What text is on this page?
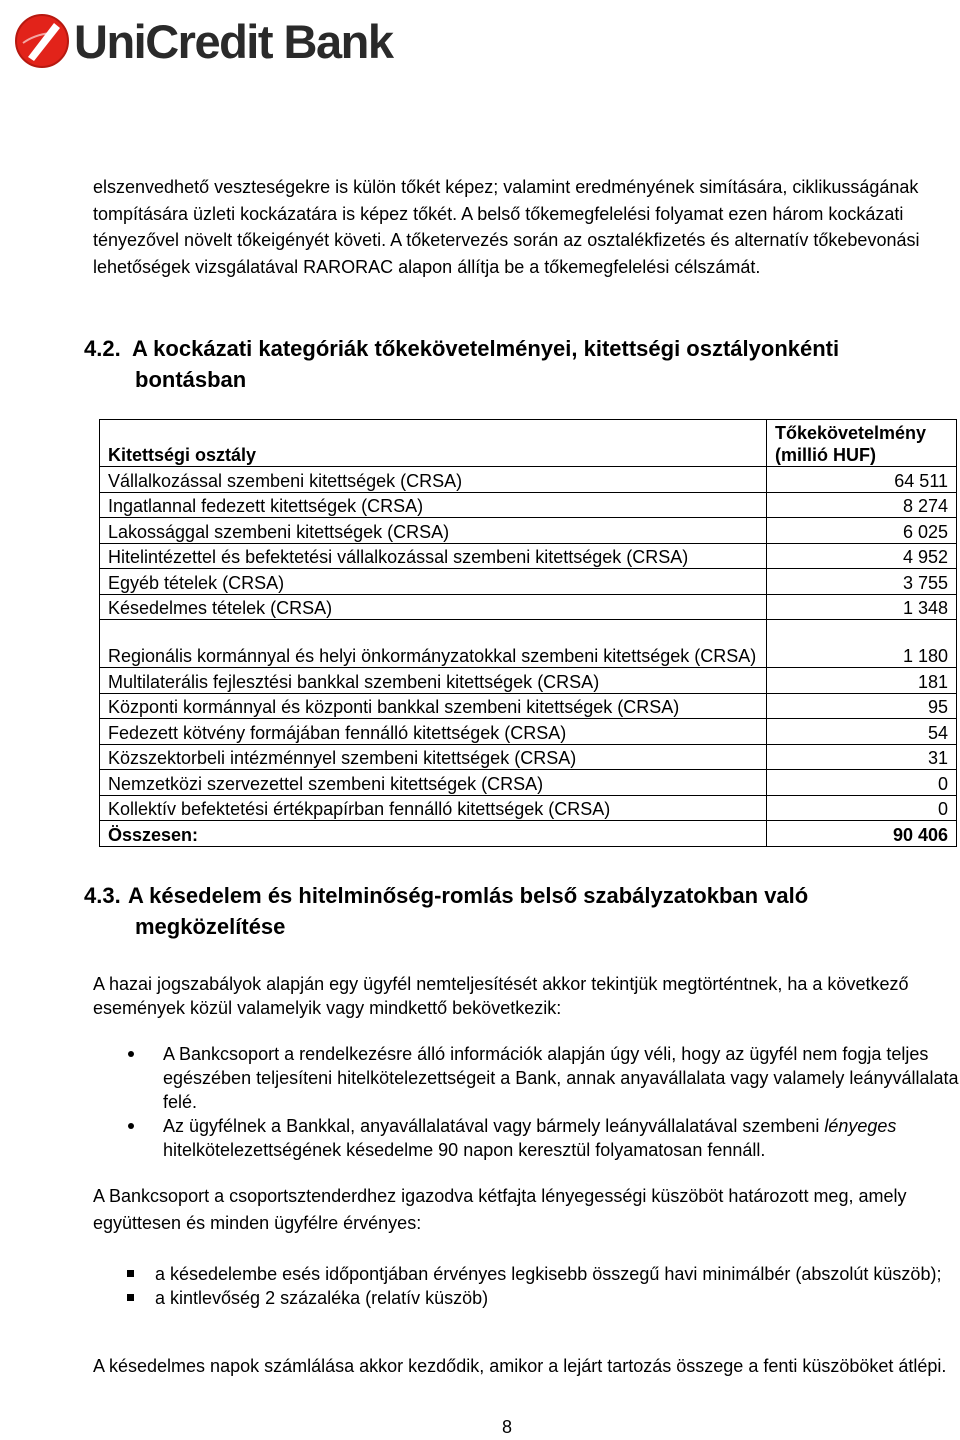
UniCredit Bank

elszenvedhető veszteségekre is külön tőkét képez; valamint eredményének simítására, ciklikusságának tompítására üzleti kockázatára is képez tőkét. A belső tőkemegfelelési folyamat ezen három kockázati tényezővel növelt tőkeigényét követi. A tőketervezés során az osztalékfizetés és alternatív tőkebevonási lehetőségek vizsgálatával RARORAC alapon állítja be a tőkemegfelelési célszámát.

4.2. A kockázati kategóriák tőkekövetelményei, kitettségi osztályonkénti
bontásban
Kitettségi osztály	Tőkekövetelmény
(millió HUF)
Vállalkozással szembeni kitettségek (CRSA)	64 511
Ingatlannal fedezett kitettségek (CRSA)	8 274
Lakossággal szembeni kitettségek (CRSA)	6 025
Hitelintézettel és befektetési vállalkozással szembeni kitettségek (CRSA)	4 952
Egyéb tételek (CRSA)	3 755
Késedelmes tételek (CRSA)	1 348
Regionális kormánnyal és helyi önkormányzatokkal szembeni kitettségek (CRSA)	1 180
Multilaterális fejlesztési bankkal szembeni kitettségek (CRSA)	181
Központi kormánnyal és központi bankkal szembeni kitettségek (CRSA)	95
Fedezett kötvény formájában fennálló kitettségek (CRSA)	54
Közszektorbeli intézménnyel szembeni kitettségek (CRSA)	31
Nemzetközi szervezettel szembeni kitettségek (CRSA)	0
Kollektív befektetési értékpapírban fennálló kitettségek (CRSA)	0
Összesen:	90 406
4.3. A késedelem és hitelminőség-romlás belső szabályzatokban való
megközelítése

A hazai jogszabályok alapján egy ügyfél nemteljesítését akkor tekintjük megtörténtnek, ha a következő események közül valamelyik vagy mindkettő bekövetkezik:

A Bankcsoport a rendelkezésre álló információk alapján úgy véli, hogy az ügyfél nem fogja teljes egészében teljesíteni hitelkötelezettségeit a Bank, annak anyavállalata vagy valamely leányvállalata felé.
Az ügyfélnek a Bankkal, anyavállalatával vagy bármely leányvállalatával szembeni lényeges hitelkötelezettségének késedelme 90 napon keresztül folyamatosan fennáll.

A Bankcsoport a csoportsztenderdhez igazodva kétfajta lényegességi küszöböt határozott meg, amely együttesen és minden ügyfélre érvényes:

a késedelembe esés időpontjában érvényes legkisebb összegű havi minimálbér (abszolút küszöb);
a kintlevőség 2 százaléka (relatív küszöb)

A késedelmes napok számlálása akkor kezdődik, amikor a lejárt tartozás összege a fenti küszöböket átlépi.

8
